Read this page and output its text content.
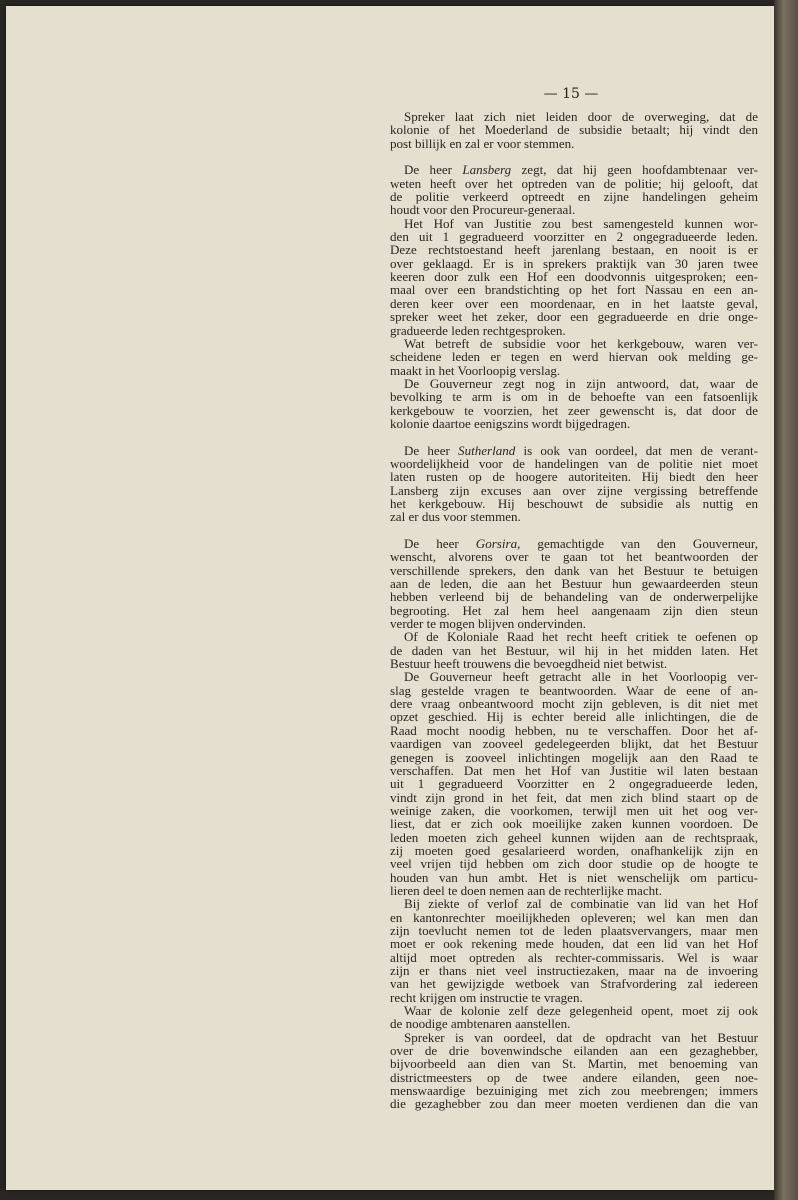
— 15 —
Spreker laat zich niet leiden door de overweging, dat de
kolonie of het Moederland de subsidie betaalt; hij vindt den
post billijk en zal er voor stemmen.
De heer Lansberg zegt, dat hij geen hoofdambtenaar ver-
weten heeft over het optreden van de politie; hij gelooft, dat
de politie verkeerd optreedt en zijne handelingen geheim
houdt voor den Procureur-generaal.
Het Hof van Justitie zou best samengesteld kunnen wor-
den uit 1 gegradueerd voorzitter en 2 ongegradueerde leden.
Deze rechtstoestand heeft jarenlang bestaan, en nooit is er
over geklaagd. Er is in sprekers praktijk van 30 jaren twee
keeren door zulk een Hof een doodvonnis uitgesproken; een-
maal over een brandstichting op het fort Nassau en een an-
deren keer over een moordenaar, en in het laatste geval,
spreker weet het zeker, door een gegradueerde en drie onge-
gradueerde leden rechtgesproken.
Wat betreft de subsidie voor het kerkgebouw, waren ver-
scheidene leden er tegen en werd hiervan ook melding ge-
maakt in het Voorloopig verslag.
De Gouverneur zegt nog in zijn antwoord, dat, waar de
bevolking te arm is om in de behoefte van een fatsoenlijk
kerkgebouw te voorzien, het zeer gewenscht is, dat door de
kolonie daartoe eenigszins wordt bijgedragen.
De heer Sutherland is ook van oordeel, dat men de verant-
woordelijkheid voor de handelingen van de politie niet moet
laten rusten op de hoogere autoriteiten. Hij biedt den heer
Lansberg zijn excuses aan over zijne vergissing betreffende
het kerkgebouw. Hij beschouwt de subsidie als nuttig en
zal er dus voor stemmen.
De heer Gorsira, gemachtigde van den Gouverneur,
wenscht, alvorens over te gaan tot het beantwoorden der
verschillende sprekers, den dank van het Bestuur te betuigen
aan de leden, die aan het Bestuur hun gewaardeerden steun
hebben verleend bij de behandeling van de onderwerpelijke
begrooting. Het zal hem heel aangenaam zijn dien steun
verder te mogen blijven ondervinden.
Of de Koloniale Raad het recht heeft critiek te oefenen op
de daden van het Bestuur, wil hij in het midden laten. Het
Bestuur heeft trouwens die bevoegdheid niet betwist.
De Gouverneur heeft getracht alle in het Voorloopig ver-
slag gestelde vragen te beantwoorden. Waar de eene of an-
dere vraag onbeantwoord mocht zijn gebleven, is dit niet met
opzet geschied. Hij is echter bereid alle inlichtingen, die de
Raad mocht noodig hebben, nu te verschaffen. Door het af-
vaardigen van zooveel gedelegeerden blijkt, dat het Bestuur
genegen is zooveel inlichtingen mogelijk aan den Raad te
verschaffen. Dat men het Hof van Justitie wil laten bestaan
uit 1 gegradueerd Voorzitter en 2 ongegradueerde leden,
vindt zijn grond in het feit, dat men zich blind staart op de
weinige zaken, die voorkomen, terwijl men uit het oog ver-
liest, dat er zich ook moeilijke zaken kunnen voordoen. De
leden moeten zich geheel kunnen wijden aan de rechtspraak,
zij moeten goed gesalarieerd worden, onafhankelijk zijn en
veel vrijen tijd hebben om zich door studie op de hoogte te
houden van hun ambt. Het is niet wenschelijk om particu-
lieren deel te doen nemen aan de rechterlijke macht.
Bij ziekte of verlof zal de combinatie van lid van het Hof
en kantonrechter moeilijkheden opleveren; wel kan men dan
zijn toevlucht nemen tot de leden plaatsvervangers, maar men
moet er ook rekening mede houden, dat een lid van het Hof
altijd moet optreden als rechter-commissaris. Wel is waar
zijn er thans niet veel instructiezaken, maar na de invoering
van het gewijzigde wetboek van Strafvordering zal iedereen
recht krijgen om instructie te vragen.
Waar de kolonie zelf deze gelegenheid opent, moet zij ook
de noodige ambtenaren aanstellen.
Spreker is van oordeel, dat de opdracht van het Bestuur
over de drie bovenwindsche eilanden aan een gezaghebber,
bijvoorbeeld aan dien van St. Martin, met benoeming van
districtmeesters op de twee andere eilanden, geen noe-
menswaardige bezuiniging met zich zou meebrengen; immers
die gezaghebber zou dan meer moeten verdienen dan die van
